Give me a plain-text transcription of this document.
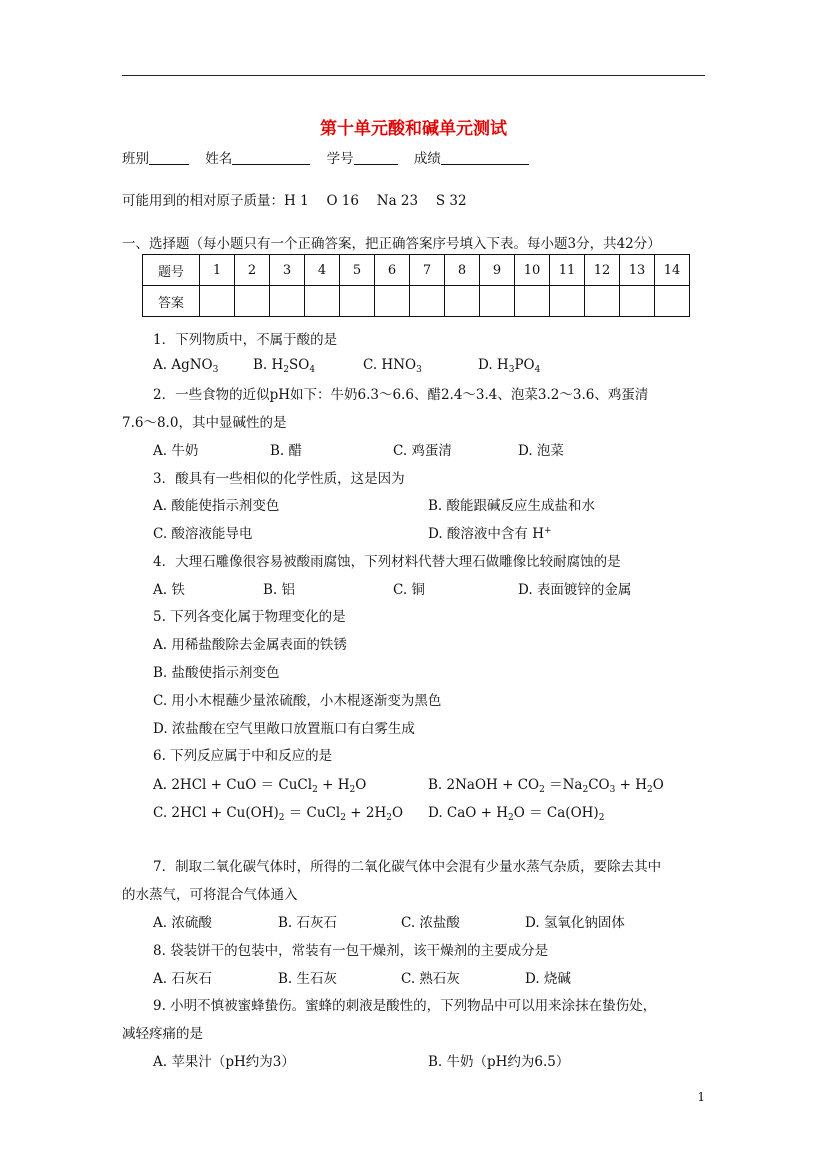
第十单元酸和碱单元测试
班别	姓名	学号	成绩
可能用到的相对原子质量：H 1　 O 16　 Na 23　 S 32
一、选择题（每小题只有一个正确答案，把正确答案序号填入下表。每小题3分，共42分）
题号	1	2	3	4	5	6	7	8	9	10	11	12	13	14
答案														
1．下列物质中，不属于酸的是
A. AgNO$_3$	B. $H_2SO_4$	C. $HNO_3$	D. $H_3PO_4$
2．一些食物的近似pH如下：牛奶6.3～6.6、醋2.4～3.4、泡菜3.2～3.6、鸡蛋清
7.6～8.0，其中显碱性的是
A. 牛奶	B. 醋	C. 鸡蛋清	D. 泡菜
3．酸具有一些相似的化学性质，这是因为
A. 酸能使指示剂变色	B. 酸能跟碱反应生成盐和水
C. 酸溶液能导电	D. 酸溶液中含有 H+
4．大理石雕像很容易被酸雨腐蚀，下列材料代替大理石做雕像比较耐腐蚀的是
A. 铁	B. 铝	C. 铜	D. 表面镀锌的金属
5. 下列各变化属于物理变化的是
A. 用稀盐酸除去金属表面的铁锈
B. 盐酸使指示剂变色
C. 用小木棍蘸少量浓硫酸，小木棍逐渐变为黑色
D. 浓盐酸在空气里敞口放置瓶口有白雾生成
6. 下列反应属于中和反应的是
A. 2HCl + CuO ＝ CuCl$_2$ + $H_2O$	B. 2NaOH + $CO_2 =Na_2CO_3 + H_2O$
C. $2HCl + Cu(OH)_2$ ＝ CuCl$_2$ + $2H_2O$ D. CaO + $H_2O = Ca(OH)_2$
7．制取二氧化碳气体时，所得的二氧化碳气体中会混有少量水蒸气杂质，要除去其中
的水蒸气，可将混合气体通入
A. 浓硫酸	B. 石灰石	C. 浓盐酸	D. 氢氧化钠固体
8. 袋装饼干的包装中，常装有一包干燥剂，该干燥剂的主要成分是
A. 石灰石	B. 生石灰	C. 熟石灰	D. 烧碱
9. 小明不慎被蜜蜂蛰伤。蜜蜂的刺液是酸性的，下列物品中可以用来涂抹在蛰伤处，
减轻疼痛的是
A. 苹果汁（pH约为3）	B. 牛奶（pH约为6.5）
1
